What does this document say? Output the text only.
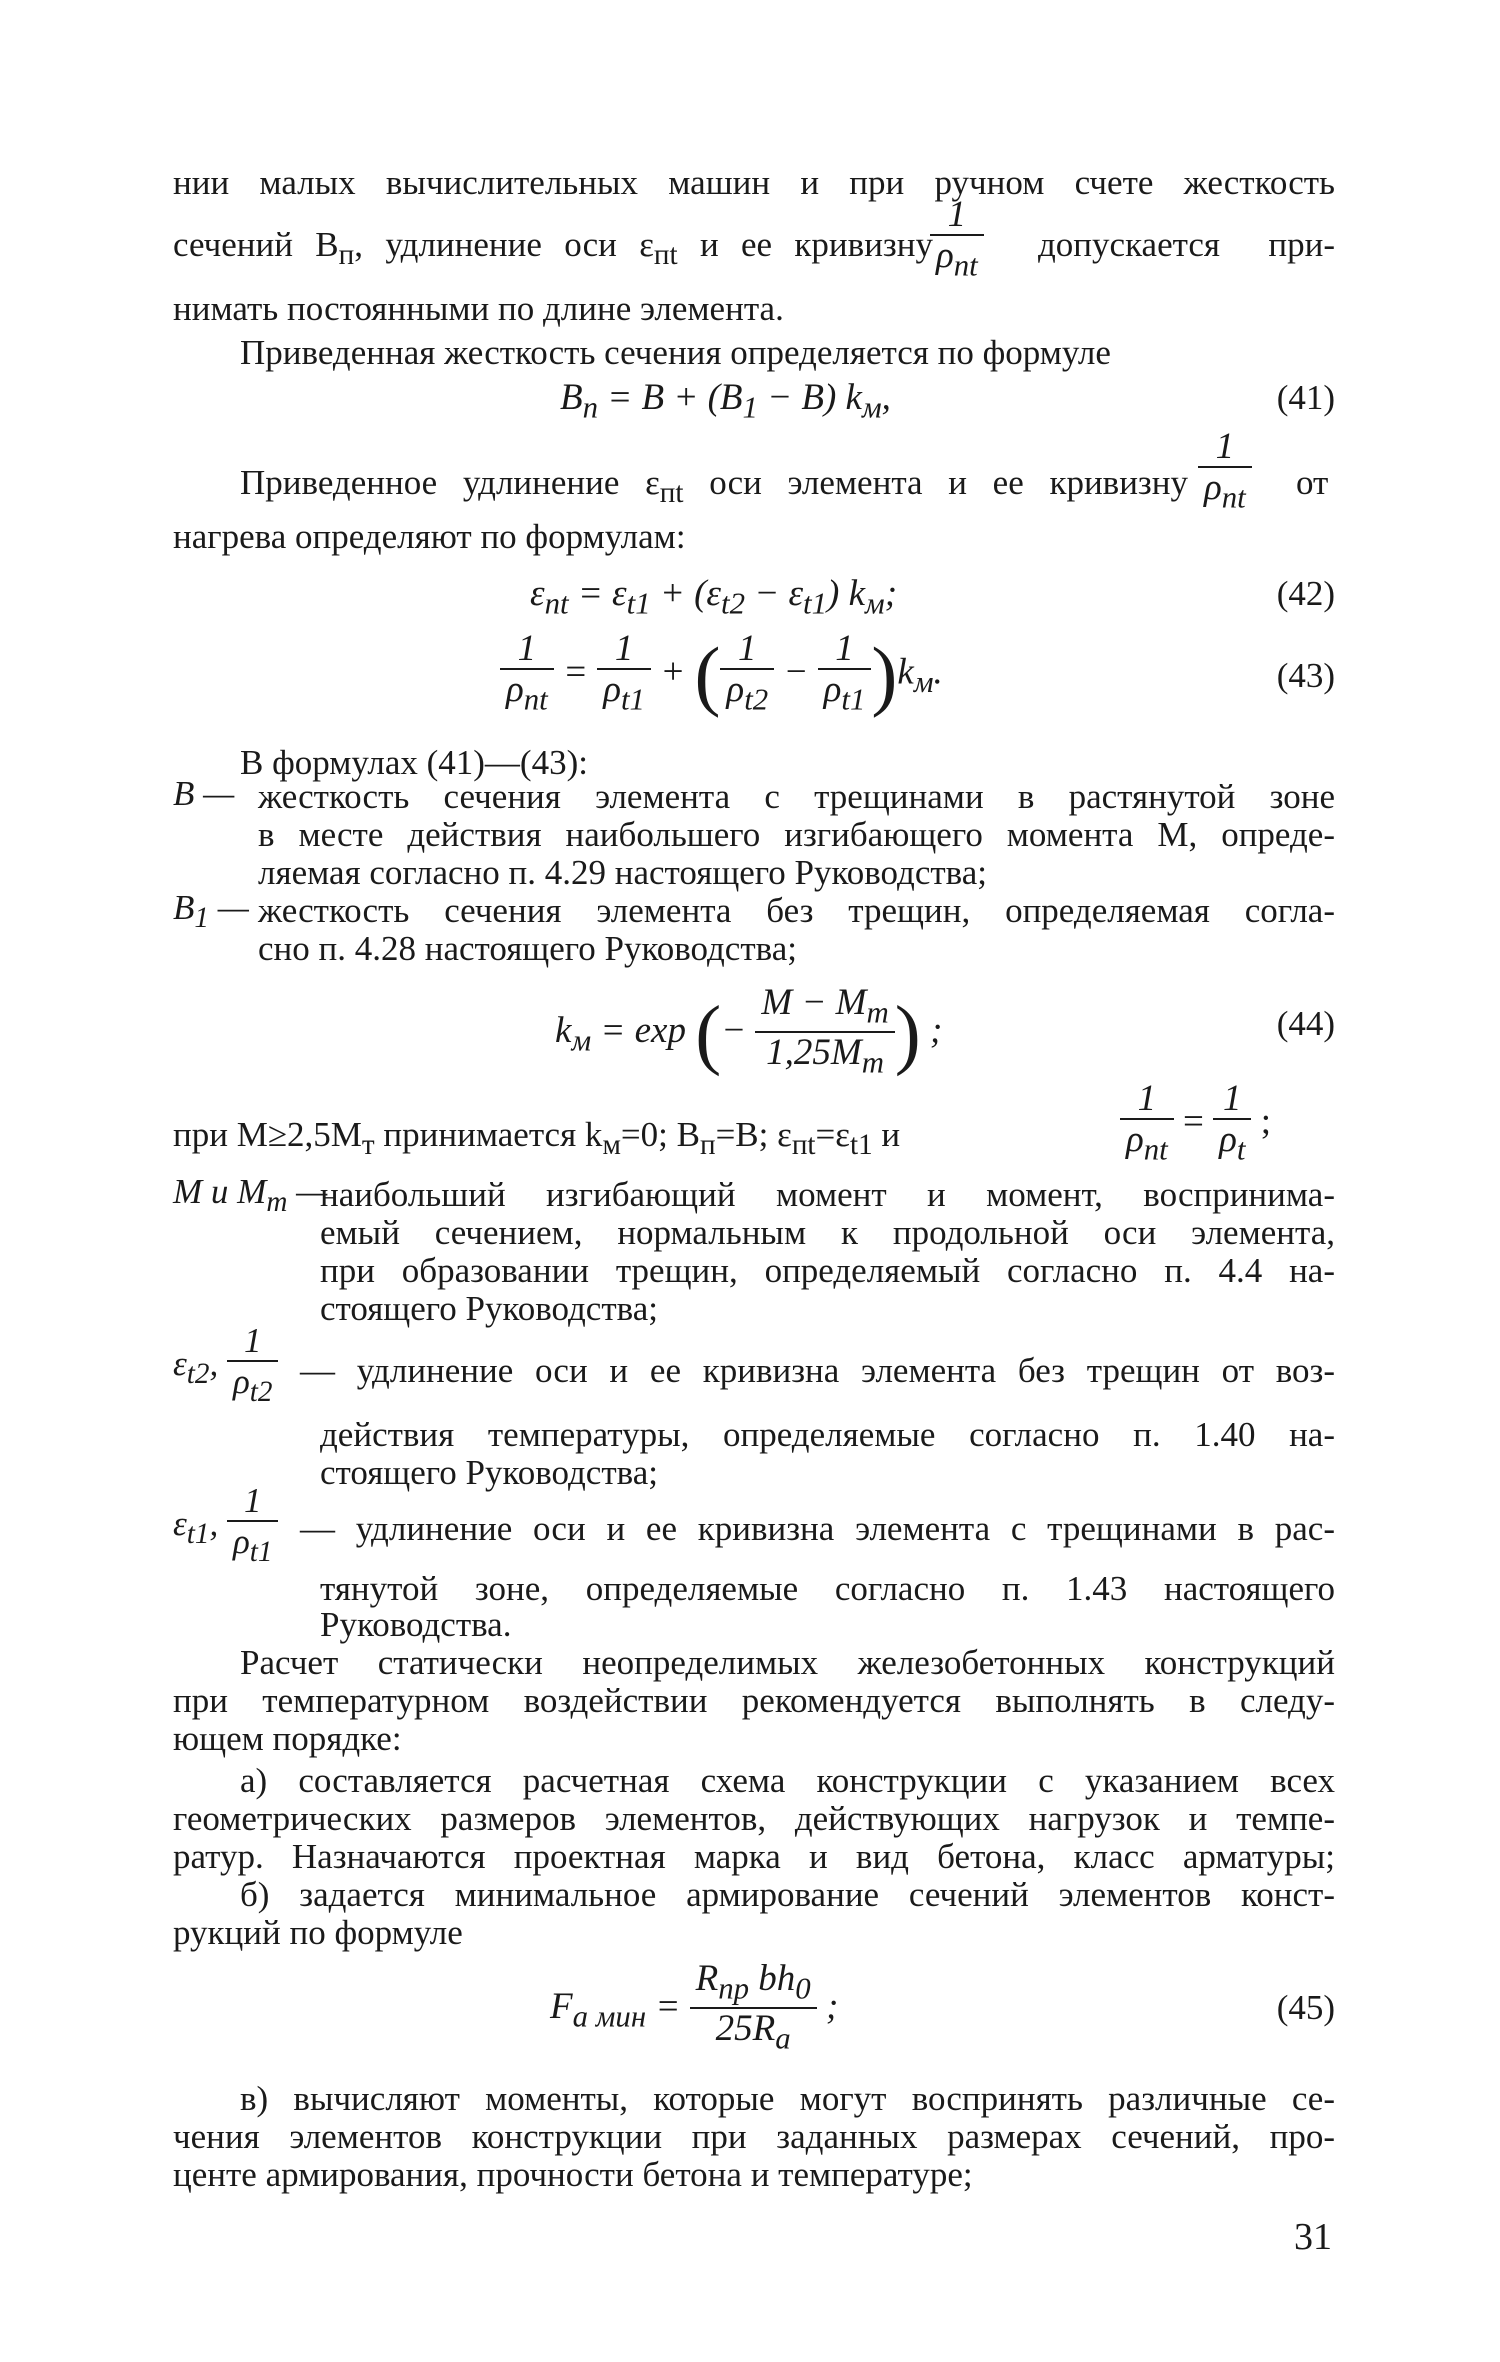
нии малых вычислительных машин и при ручном счете жесткость
сечений $B_п$, удлинение оси $\varepsilon_{пt}$ и ее кривизну
$\frac{1}{\rho_{пt}}$ допускается при-
нимать постоянными по длине элемента.
Приведенная жесткость сечения определяется по формуле
$B_п = B + (B_1 - B)$ $k_м$,	(41)
Приведенное удлинение $\varepsilon_{пt}$ оси элемента и ее кривизну $\frac{1}{\rho_{пt}}$ от
нагрева определяют по формулам:
$\varepsilon_{пt} = \varepsilon_{t1} + (\varepsilon_{t2} - \varepsilon_{t1})$ $k_м$;	(42)
$\frac{1}{\rho_{пt}} = \frac{1}{\rho_{t1}}$ + ( $\frac{1}{\rho_{t2}} - \frac{1}{\rho_{t1}} )k_м$.	(43)
В формулах (41)—(43):
B — жесткость сечения элемента с трещинами в растянутой зоне
в месте действия наибольшего изгибающего момента M, опреде-
ляемая согласно п. 4.29 настоящего Руководства;
$B_1$ — жесткость сечения элемента без трещин, определяемая согла-
сно п. 4.28 настоящего Руководства;
$k_м = \exp$ (− $\frac{M - M_т}{1,25M_т}$ ) ;	(44)
при $M\ge 2,5M_т$ принимается $k_м=0$; $B_п=B$; $\varepsilon_{пt}=\varepsilon_{t1}$ и	$\frac{1}{\rho_{пt}} = \frac{1}{\rho_t}$ ;
M и $M_т$ —
наибольший изгибающий момент и момент, воспринима-
емый сечением, нормальным к продольной оси элемента,
при образовании трещин, определяемый согласно п. 4.4 на-
стоящего Руководства;
$\varepsilon_{t2}$, $\frac{1}{\rho_{t2}}$ — удлинение оси и ее кривизна элемента без трещин от воз-
действия температуры, определяемые согласно п. 1.40 на-
стоящего Руководства;
$\varepsilon_{t1}$, $\frac{1}{\rho_{t1}}$ — удлинение оси и ее кривизна элемента с трещинами в рас-
тянутой зоне, определяемые согласно п. 1.43 настоящего
Руководства.
Расчет статически неопределимых железобетонных конструкций
при температурном воздействии рекомендуется выполнять в следу-
ющем порядке:
а) составляется расчетная схема конструкции с указанием всех
геометрических размеров элементов, действующих нагрузок и темпе-
ратур. Назначаются проектная марка и вид бетона, класс арматуры;
б) задается минимальное армирование сечений элементов конст-
рукций по формуле
$F_{а мин} = \frac{R_{пр} bh_0}{25R_а}$ ;	(45)
в) вычисляют моменты, которые могут воспринять различные се-
чения элементов конструкции при заданных размерах сечений, про-
центе армирования, прочности бетона и температуре;
31
